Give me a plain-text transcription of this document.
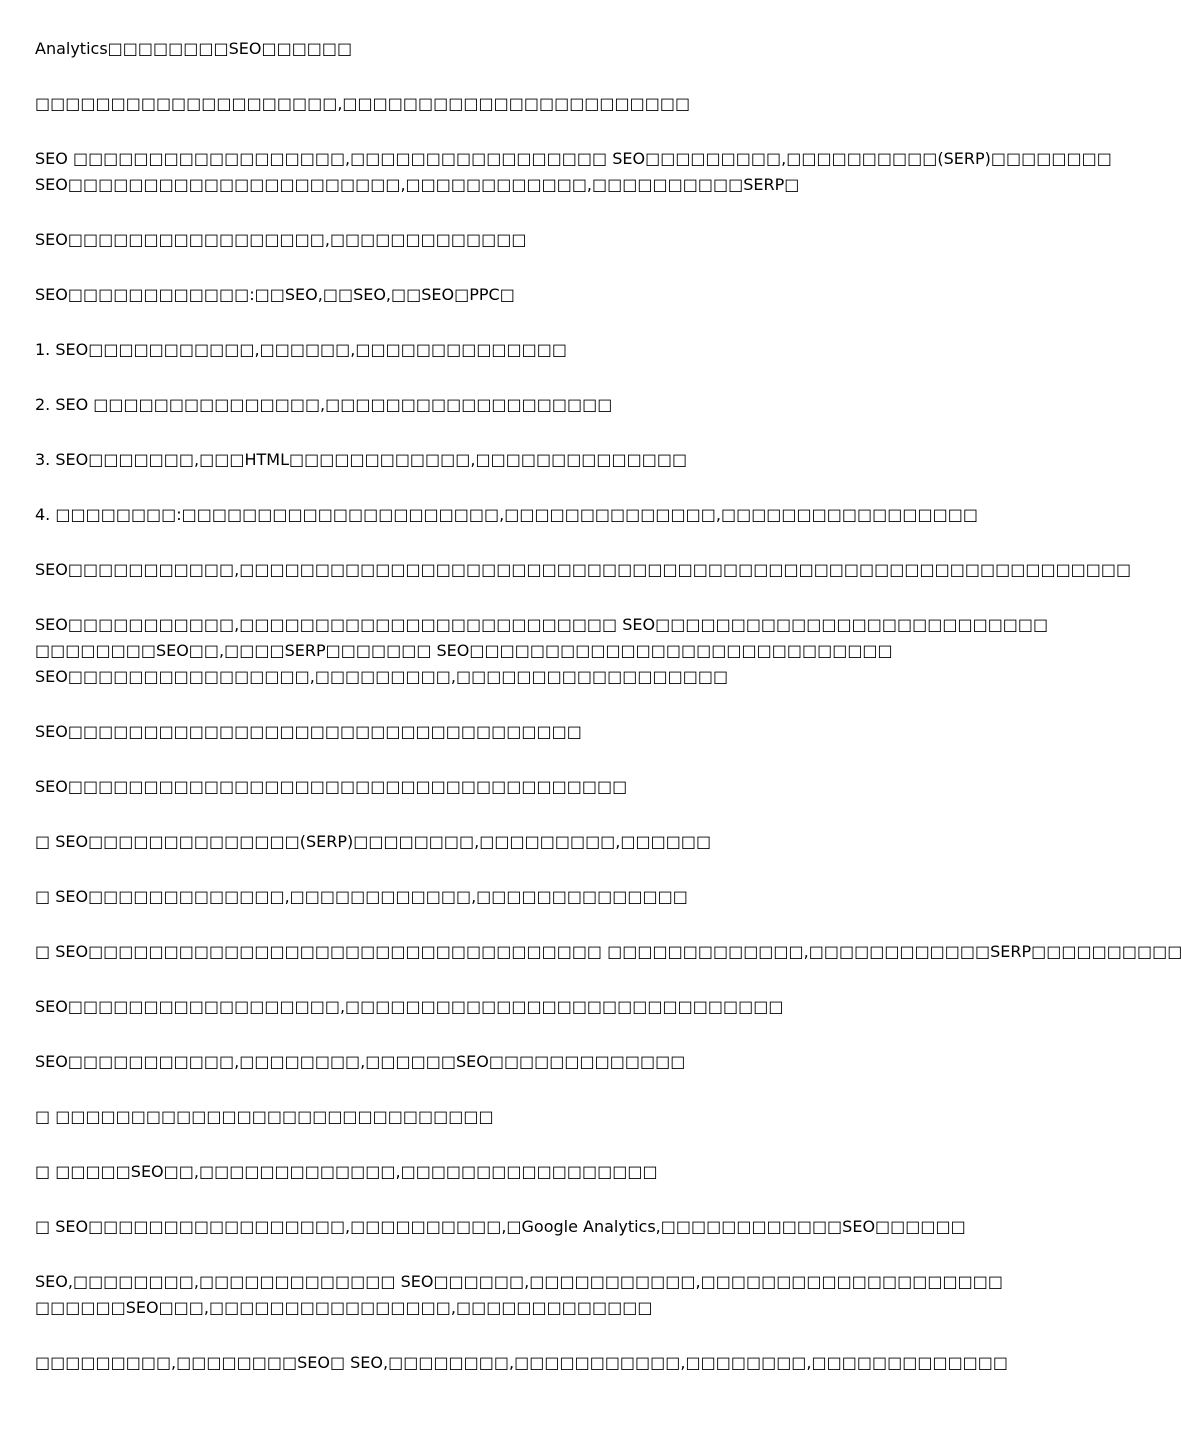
Analytics□□□□□□□□SEO□□□□□□

□□□□□□□□□□□□□□□□□□□□,□□□□□□□□□□□□□□□□□□□□□□□

SEO □□□□□□□□□□□□□□□□□□,□□□□□□□□□□□□□□□□□ SEO□□□□□□□□□,□□□□□□□□□□(SERP)□□□□□□□□
SEO□□□□□□□□□□□□□□□□□□□□□□,□□□□□□□□□□□□,□□□□□□□□□□SERP□

SEO□□□□□□□□□□□□□□□□□,□□□□□□□□□□□□□

SEO□□□□□□□□□□□□:□□SEO,□□SEO,□□SEO□PPC□

1. SEO□□□□□□□□□□□,□□□□□□,□□□□□□□□□□□□□□

2. SEO □□□□□□□□□□□□□□□,□□□□□□□□□□□□□□□□□□□

3. SEO□□□□□□□,□□□HTML□□□□□□□□□□□□,□□□□□□□□□□□□□□

4. □□□□□□□□:□□□□□□□□□□□□□□□□□□□□□,□□□□□□□□□□□□□□,□□□□□□□□□□□□□□□□□

SEO□□□□□□□□□□□,□□□□□□□□□□□□□□□□□□□□□□□□□□□□□□□□□□□□□□□□□□□□□□□□□□□□□□□□□□□

SEO□□□□□□□□□□□,□□□□□□□□□□□□□□□□□□□□□□□□□ SEO□□□□□□□□□□□□□□□□□□□□□□□□□□
□□□□□□□□SEO□□,□□□□SERP□□□□□□□ SEO□□□□□□□□□□□□□□□□□□□□□□□□□□□□
SEO□□□□□□□□□□□□□□□□,□□□□□□□□□,□□□□□□□□□□□□□□□□□□

SEO□□□□□□□□□□□□□□□□□□□□□□□□□□□□□□□□□□

SEO□□□□□□□□□□□□□□□□□□□□□□□□□□□□□□□□□□□□□

□ SEO□□□□□□□□□□□□□□(SERP)□□□□□□□□,□□□□□□□□□,□□□□□□

□ SEO□□□□□□□□□□□□□,□□□□□□□□□□□□,□□□□□□□□□□□□□□

□ SEO□□□□□□□□□□□□□□□□□□□□□□□□□□□□□□□□□□ □□□□□□□□□□□□□,□□□□□□□□□□□□SERP□□□□□□□□□□

SEO□□□□□□□□□□□□□□□□□□,□□□□□□□□□□□□□□□□□□□□□□□□□□□□□

SEO□□□□□□□□□□□,□□□□□□□□,□□□□□□SEO□□□□□□□□□□□□□

□ □□□□□□□□□□□□□□□□□□□□□□□□□□□□□

□ □□□□□SEO□□,□□□□□□□□□□□□□,□□□□□□□□□□□□□□□□□

□ SEO□□□□□□□□□□□□□□□□□,□□□□□□□□□□,□Google Analytics,□□□□□□□□□□□□SEO□□□□□□

SEO,□□□□□□□□,□□□□□□□□□□□□□ SEO□□□□□□,□□□□□□□□□□□,□□□□□□□□□□□□□□□□□□□□
□□□□□□SEO□□□,□□□□□□□□□□□□□□□□,□□□□□□□□□□□□□

□□□□□□□□□,□□□□□□□□SEO□ SEO,□□□□□□□□,□□□□□□□□□□□,□□□□□□□□,□□□□□□□□□□□□□
